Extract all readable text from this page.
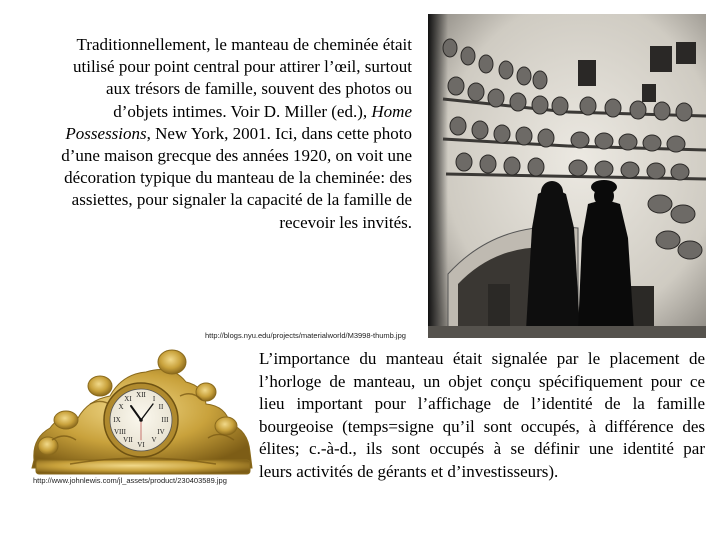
Traditionnellement, le manteau de cheminée était
utilisé pour point central pour attirer l’œil, surtout
aux trésors de famille, souvent des photos ou
d’objets intimes. Voir D. Miller (ed.), Home
Possessions, New York, 2001. Ici, dans cette photo
d’une maison grecque des années 1920, on voit une
décoration typique du manteau de la cheminée: des
assiettes, pour signaler la capacité de la famille de
recevoir les invités.
http://blogs.nyu.edu/projects/materialworld/M3998-thumb.jpg
XII I
II
III
IV
V
VI
VII
VIII
IX
X
XI
http://www.johnlewis.com/jl_assets/product/230403589.jpg
L’importance du manteau était signalée par le placement de
l’horloge de manteau, un objet conçu spécifiquement pour ce
lieu important pour l’affichage de l’identité de la famille
bourgeoise (temps=signe qu’il sont occupés, à différence des
élites; c.-à-d., ils sont occupés à se définir une identité par
leurs activités de gérants et d’investisseurs).
